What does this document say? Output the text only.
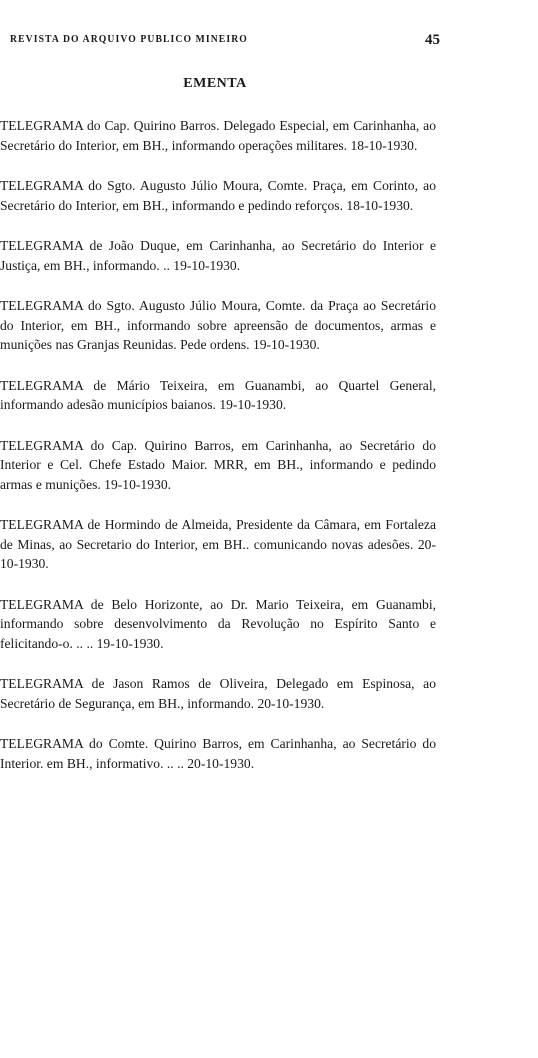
REVISTA DO ARQUIVO PUBLICO MINEIRO	45
EMENTA

TELEGRAMA do Cap. Quirino Barros. Delegado Especial, em Carinhanha, ao Secretário do Interior, em BH., informando operações militares. 18-10-1930.

TELEGRAMA do Sgto. Augusto Júlio Moura, Comte. Praça, em Corinto, ao Secretário do Interior, em BH., informando e pedindo reforços. 18-10-1930.

TELEGRAMA de João Duque, em Carinhanha, ao Secretário do Interior e Justiça, em BH., informando. .. 19-10-1930.

TELEGRAMA do Sgto. Augusto Júlio Moura, Comte. da Praça ao Secretário do Interior, em BH., informando sobre apreensão de documentos, armas e munições nas Granjas Reunidas. Pede ordens. 19-10-1930.

TELEGRAMA de Mário Teixeira, em Guanambi, ao Quartel General, informando adesão municípios baianos. 19-10-1930.

TELEGRAMA do Cap. Quirino Barros, em Carinhanha, ao Secretário do Interior e Cel. Chefe Estado Maior. MRR, em BH., informando e pedindo armas e munições. 19-10-1930.

TELEGRAMA de Hormindo de Almeida, Presidente da Câmara, em Fortaleza de Minas, ao Secretario do Interior, em BH.. comunicando novas adesões. 20-10-1930.

TELEGRAMA de Belo Horizonte, ao Dr. Mario Teixeira, em Guanambi, informando sobre desenvolvimento da Revolução no Espírito Santo e felicitando-o. .. .. 19-10-1930.

TELEGRAMA de Jason Ramos de Oliveira, Delegado em Espinosa, ao Secretário de Segurança, em BH., informando. 20-10-1930.

TELEGRAMA do Comte. Quirino Barros, em Carinhanha, ao Secretário do Interior. em BH., informativo. .. .. 20-10-1930.
